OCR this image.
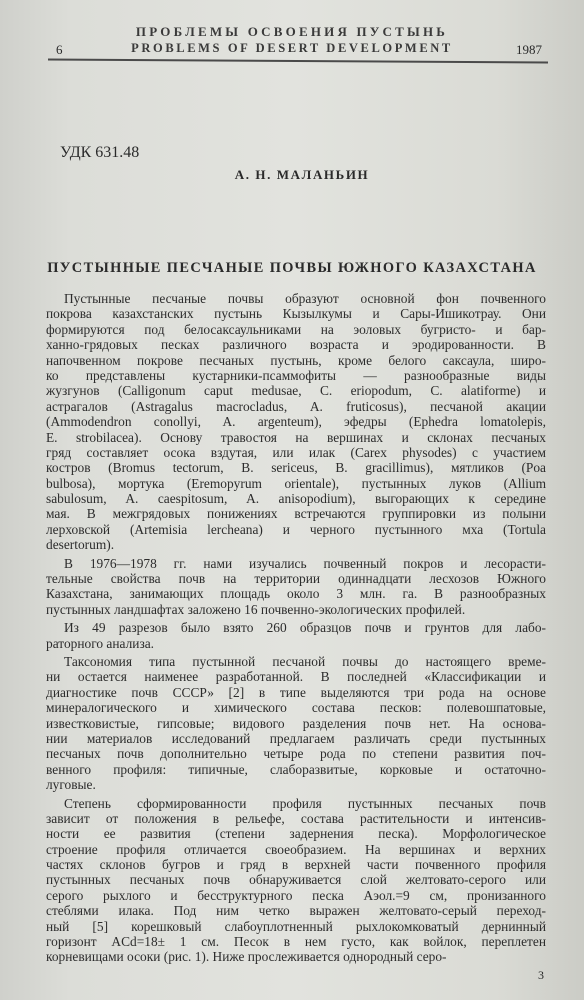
ПРОБЛЕМЫ ОСВОЕНИЯ ПУСТЫНЬ
PROBLEMS OF DESERT DEVELOPMENT
6	1987
УДК 631.48
А. Н. МАЛАНЬИН
ПУСТЫННЫЕ ПЕСЧАНЫЕ ПОЧВЫ ЮЖНОГО КАЗАХСТАНА
Пустынные песчаные почвы образуют основной фон почвенного
покрова казахстанских пустынь Кызылкумы и Сары-Ишикотрау. Они
формируются под белосаксаульниками на эоловых бугристо- и бар-
ханно-грядовых песках различного возраста и эродированности. В
напочвенном покрове песчаных пустынь, кроме белого саксаула, широ-
ко представлены кустарники-псаммофиты — разнообразные виды
жузгунов (Calligonum caput medusae, C. eriopodum, C. alatiforme) и
астрагалов (Astragalus macrocladus, A. fruticosus), песчаной акации
(Ammodendron conollyi, A. argenteum), эфедры (Ephedra lomatolepis,
E. strobilacea). Основу травостоя на вершинах и склонах песчаных
гряд составляет осока вздутая, или илак (Carex physodes) с участием
костров (Bromus tectorum, B. sericeus, B. gracillimus), мятликов (Poa
bulbosa), мортука (Eremopyrum orientale), пустынных луков (Allium
sabulosum, A. caespitosum, A. anisopodium), выгорающих к середине
мая. В межгрядовых понижениях встречаются группировки из полыни
лерховской (Artemisia lercheana) и черного пустынного мха (Tortula
desertorum).
В 1976—1978 гг. нами изучались почвенный покров и лесорасти-
тельные свойства почв на территории одиннадцати лесхозов Южного
Казахстана, занимающих площадь около 3 млн. га. В разнообразных
пустынных ландшафтах заложено 16 почвенно-экологических профилей.
Из 49 разрезов было взято 260 образцов почв и грунтов для лабо-
раторного анализа.
Таксономия типа пустынной песчаной почвы до настоящего време-
ни остается наименее разработанной. В последней «Классификации и
диагностике почв СССР» [2] в типе выделяются три рода на основе
минералогического и химического состава песков: полевошпатовые,
известковистые, гипсовые; видового разделения почв нет. На основа-
нии материалов исследований предлагаем различать среди пустынных
песчаных почв дополнительно четыре рода по степени развития поч-
венного профиля: типичные, слаборазвитые, корковые и остаточно-
луговые.
Степень сформированности профиля пустынных песчаных почв
зависит от положения в рельефе, состава растительности и интенсив-
ности ее развития (степени задернения песка). Морфологическое
строение профиля отличается своеобразием. На вершинах и верхних
частях склонов бугров и гряд в верхней части почвенного профиля
пустынных песчаных почв обнаруживается слой желтовато-серого или
серого рыхлого и бесструктурного песка Аэол.=9 см, пронизанного
стеблями илака. Под ним четко выражен желтовато-серый переход-
ный [5] корешковый слабоуплотненный рыхлокомковатый дернинный
горизонт ACd=18± 1 см. Песок в нем густо, как войлок, переплетен
корневищами осоки (рис. 1). Ниже прослеживается однородный серо-
3
